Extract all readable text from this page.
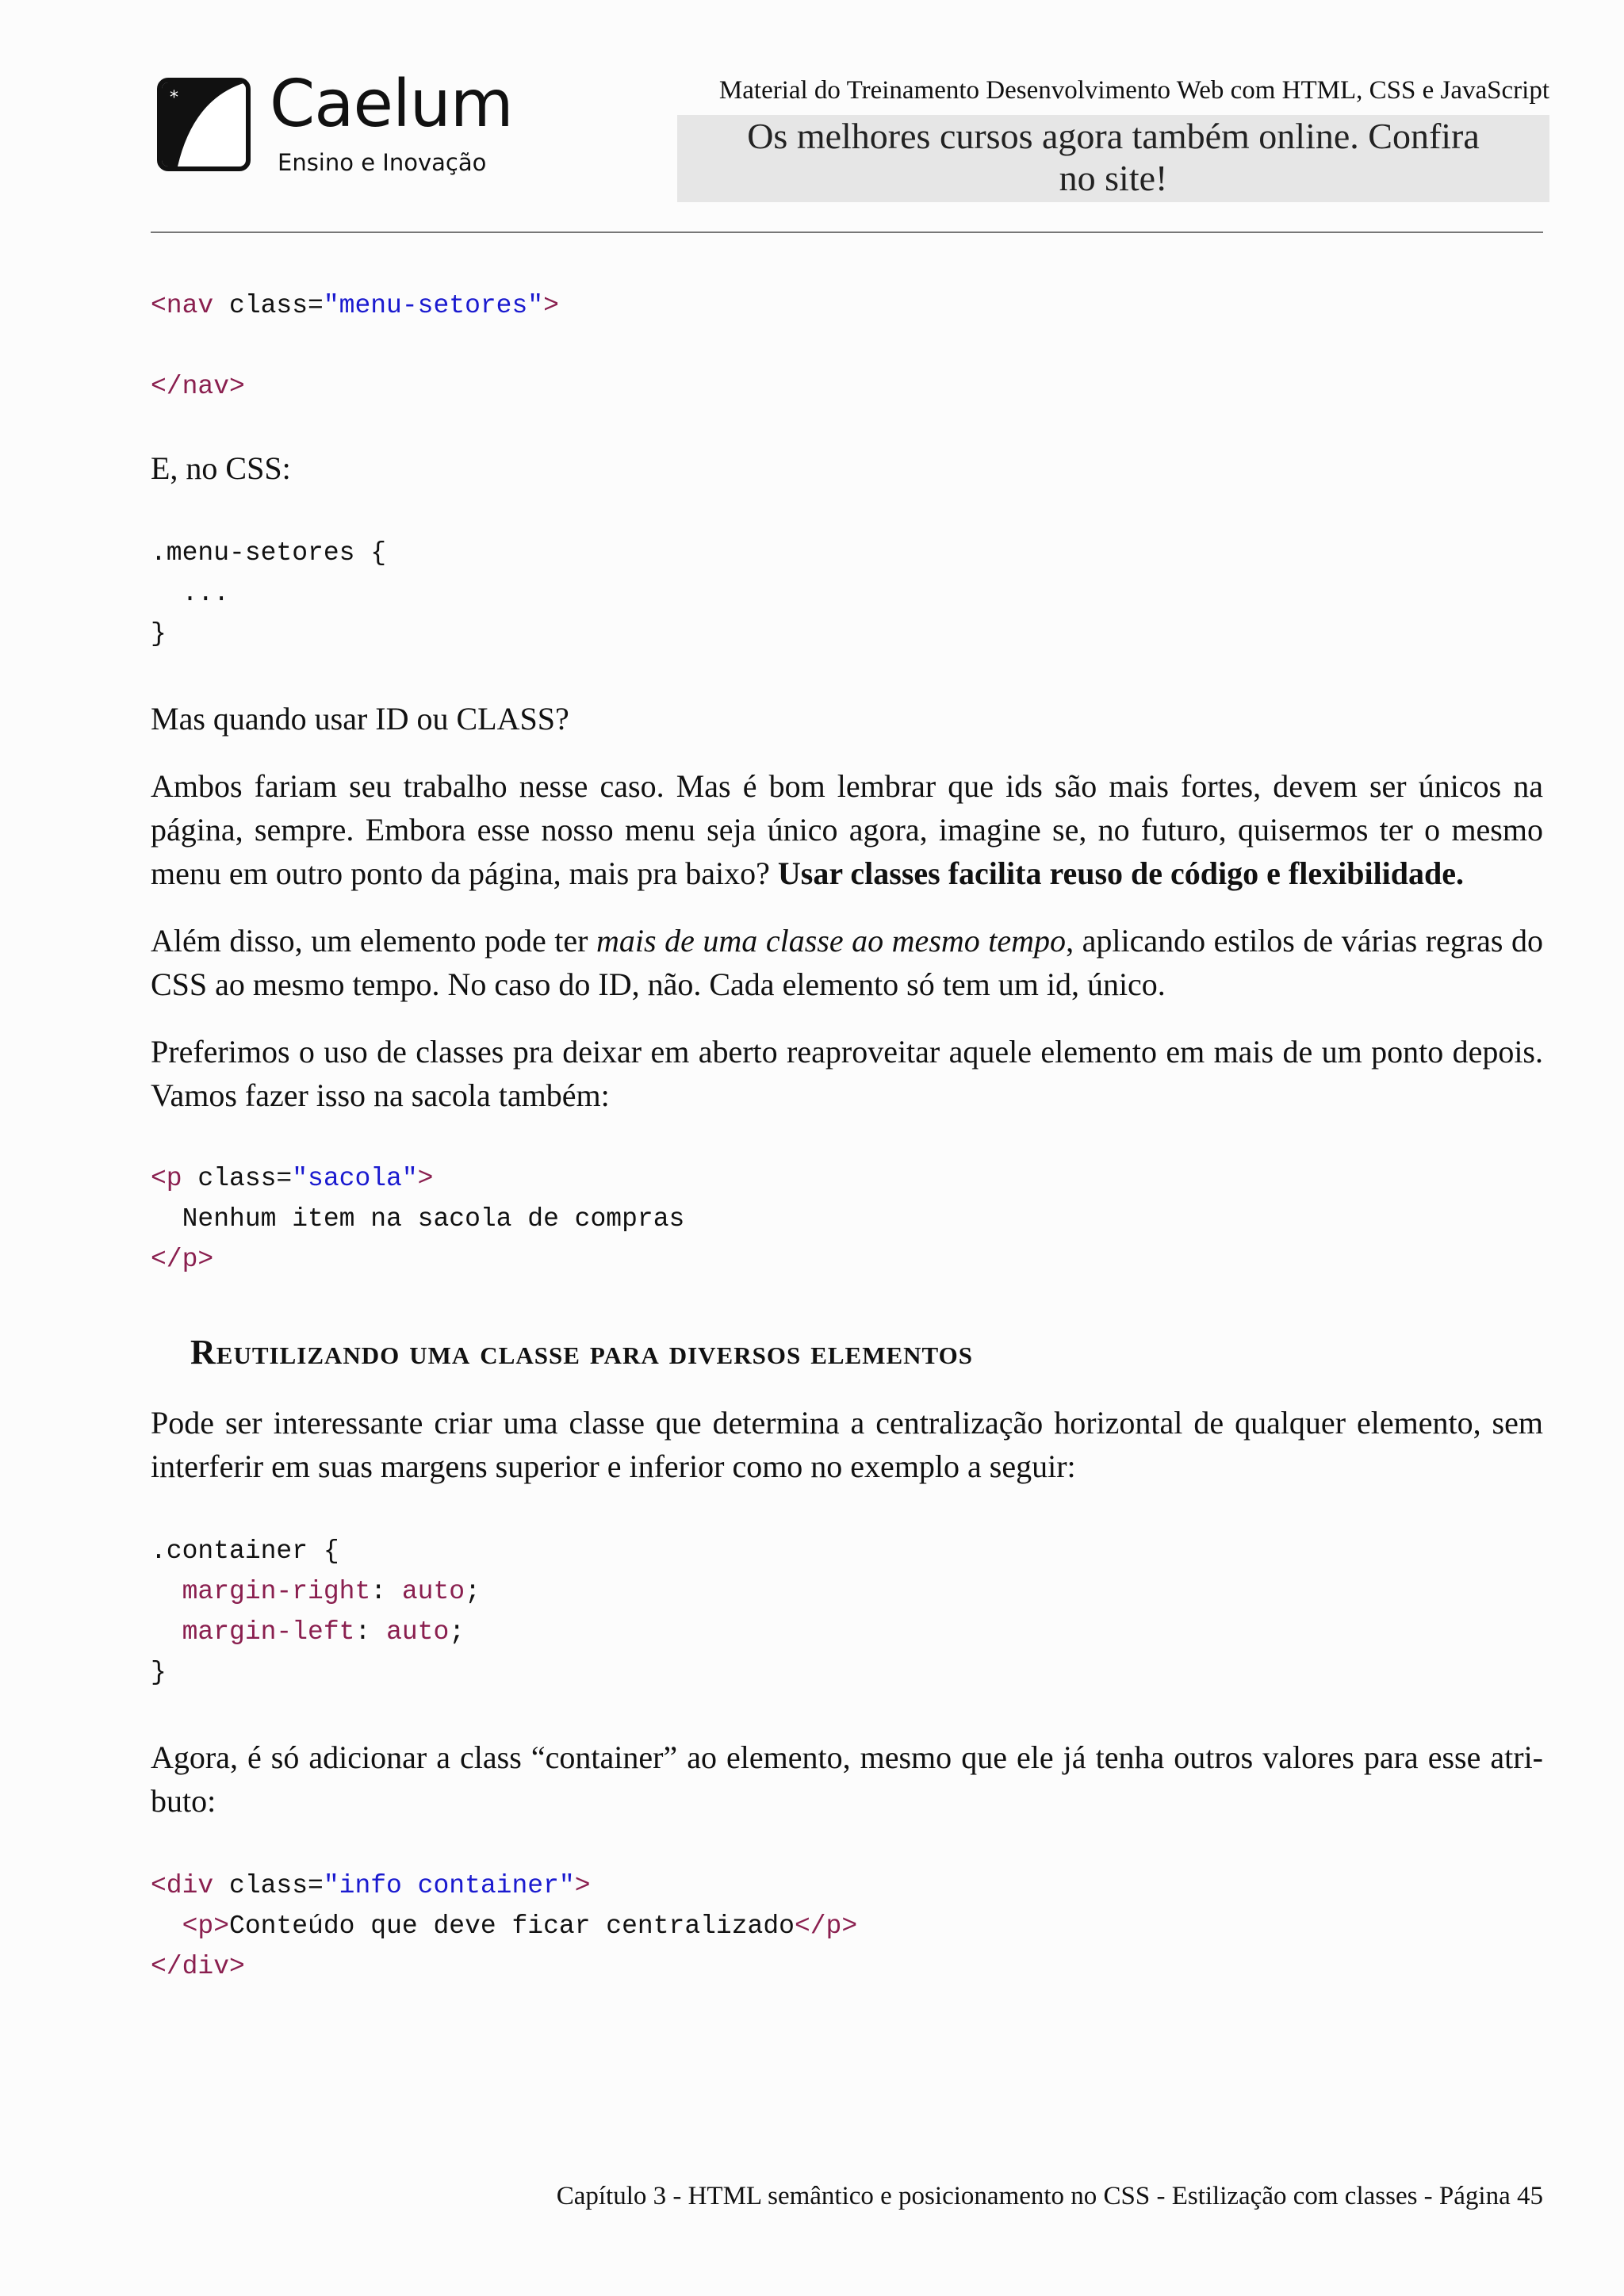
* Caelum
Ensino e Inovação
Material do Treinamento Desenvolvimento Web com HTML, CSS e JavaScript
Os melhores cursos agora também online. Confira no site!
<nav class="menu-setores">

</nav>

E, no CSS:

.menu-setores {
...
}

Mas quando usar ID ou CLASS?

Ambos fariam seu trabalho nesse caso. Mas é bom lembrar que ids são mais fortes, devem ser únicos na página, sempre. Embora esse nosso menu seja único agora, imagine se, no futuro, quisermos ter o mesmo menu em outro ponto da página, mais pra baixo? Usar classes facilita reuso de código e flexibilidade.

Além disso, um elemento pode ter mais de uma classe ao mesmo tempo, aplicando estilos de várias regras do CSS ao mesmo tempo. No caso do ID, não. Cada elemento só tem um id, único.

Preferimos o uso de classes pra deixar em aberto reaproveitar aquele elemento em mais de um ponto depois. Vamos fazer isso na sacola também:

<p class="sacola">
Nenhum item na sacola de compras
</p>
Reutilizando uma classe para diversos elementos

Pode ser interessante criar uma classe que determina a centralização horizontal de qualquer elemento, sem interferir em suas margens superior e inferior como no exemplo a seguir:

.container {
margin-right: auto;
margin-left: auto;
}

Agora, é só adicionar a class “container” ao elemento, mesmo que ele já tenha outros valores para esse atri- buto:

<div class="info container">
<p>Conteúdo que deve ficar centralizado</p>
</div>
Capítulo 3 - HTML semântico e posicionamento no CSS - Estilização com classes - Página 45
